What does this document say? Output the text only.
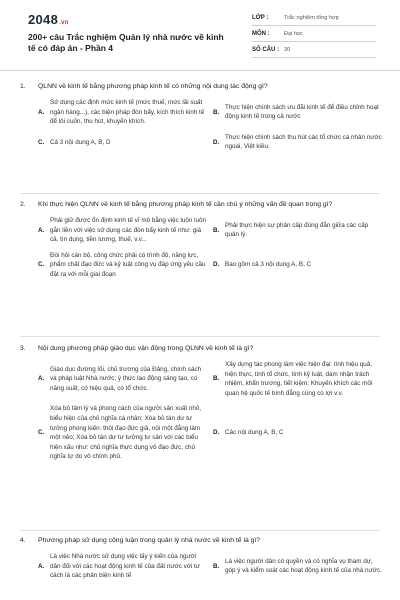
2048.vn
200+ câu Trắc nghiệm Quản lý nhà nước về kinh tế có đáp án - Phần 4
LỚP :	Trắc nghiệm tổng hợp
MÔN :	Đại học
SỐ CÂU : 30
1.	QLNN về kinh tế bằng phương pháp kinh tế có những nội dung tác động gì?
A.
Sử dụng các định mức kinh tế (mức thuế, mức lãi suất ngân hàng...), các biện pháp đòn bẩy, kích thích kinh tế để lôi cuốn, thu hút, khuyến khích.
B.
Thực hiện chính sách ưu đãi kinh tế để điều chỉnh hoạt động kinh tế trong cả nước
C. Cả 3 nội dung A, B, D	D.
Thực hiện chính sách thu hút các tổ chức cá nhân nước ngoài, Việt kiều.
2.	Khi thực hiện QLNN về kinh tế bằng phương pháp kinh tế cần chú ý những vấn đề quan trọng gì?
A.
Phải giữ được ổn định kinh tế vĩ mô bằng việc luôn luôn gắn liền với việc sử dụng các đòn bẩy kinh tế như: giá cả, tín dụng, tiền lương, thuế, v.v...
B.
Phải thực hiện sự phân cấp đúng đắn giữa các cấp quản lý.
C.
Đòi hỏi cán bộ, công chức phải có trình độ, năng lực, phẩm chất đạo đức và kỷ luật công vụ đáp ứng yêu cầu đặt ra với mỗi giai đoạn
D. Bao gồm cả 3 nội dung A, B, C
3.	Nội dung phương pháp giáo dục vận động trong QLNN về kinh tế là gì?
A.
Giáo dục đường lối, chủ trương của Đảng, chính sách và pháp luật Nhà nước; ý thức lao động sáng tạo, có năng suất, có hiệu quả, có tổ chức.
B.
Xây dựng tác phong làm việc hiện đại: tính hiệu quả, hiện thực, tính tổ chức, tính kỷ luật, dám nhận trách nhiệm, khẩn trương, tiết kiệm; Khuyến khích các mối quan hệ quốc tế bình đẳng cùng có lợi v.v.
C.
Xóa bỏ tâm lý và phong cách của người sản xuất nhỏ, biểu hiện của chủ nghĩa cá nhân; Xóa bỏ tàn dư tư tưởng phong kiến: thói đạo đức giả, nói một đằng làm một nẻo; Xóa bỏ tàn dư tư tưởng tư sản với các biểu hiện xấu như: chủ nghĩa thực dụng vô đạo đức, chủ nghĩa tự do vô chính phủ.
D. Các nội dung A, B, C
4.	Phương pháp sử dụng công luận trong quản lý nhà nước về kinh tế là gì?
A.
Là việc Nhà nước sử dụng việc lấy ý kiến của người dân đối với các hoạt động kinh tế của đất nước với tư cách là các phản biện kinh tế
B.
Là việc người dân có quyền và có nghĩa vụ tham dự, góp ý và kiểm soát các hoạt động kinh tế của nhà nước.
